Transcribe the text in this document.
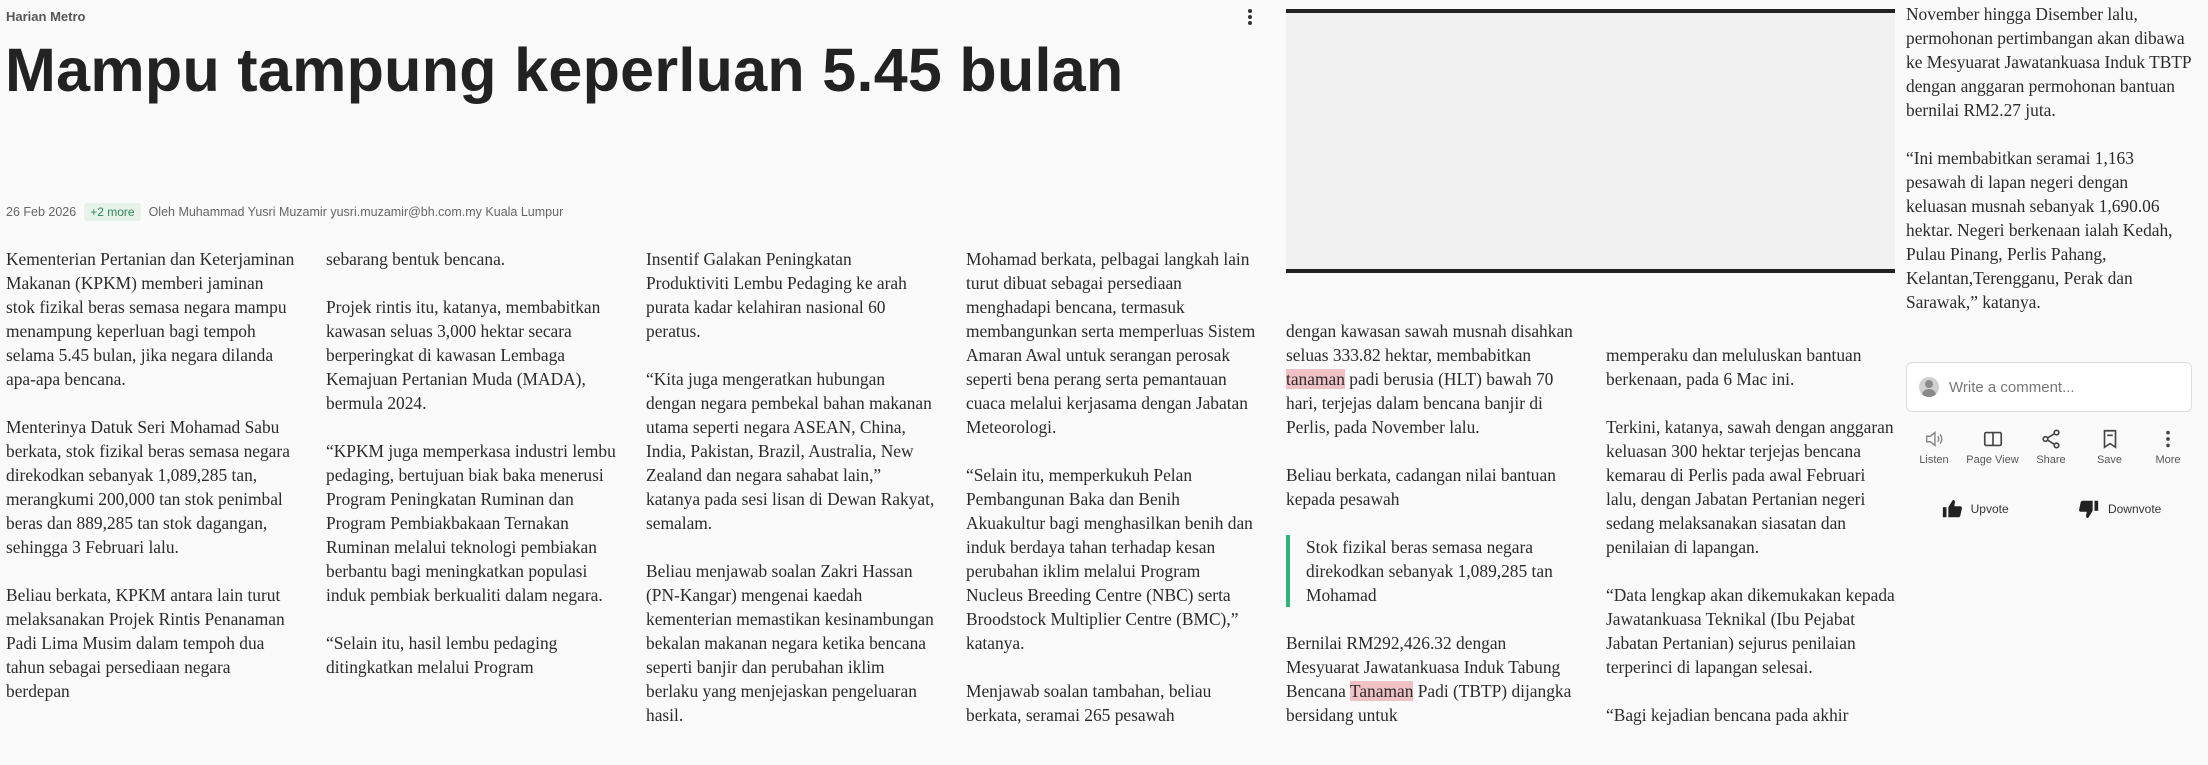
Harian Metro
Mampu tampung keperluan 5.45 bulan
26 Feb 2026	+2 more	Oleh Muhammad Yusri Muzamir yusri.muzamir@bh.com.my Kuala Lumpur

Kementerian Pertanian dan Keterjaminan Makanan (KPKM) memberi jaminan stok fizikal beras semasa negara mampu menampung keperluan bagi tempoh selama 5.45 bulan, jika negara dilanda apa-apa bencana.

Menterinya Datuk Seri Mohamad Sabu berkata, stok fizikal beras semasa negara direkodkan sebanyak 1,089,285 tan, merangkumi 200,000 tan stok penimbal beras dan 889,285 tan stok dagangan, sehingga 3 Februari lalu.

Beliau berkata, KPKM antara lain turut melaksanakan Projek Rintis Penanaman Padi Lima Musim dalam tempoh dua tahun sebagai persediaan negara berdepan

sebarang bentuk bencana.

Projek rintis itu, katanya, membabitkan kawasan seluas 3,000 hektar secara berperingkat di kawasan Lembaga Kemajuan Pertanian Muda (MADA), bermula 2024.

“KPKM juga memperkasa industri lembu pedaging, bertujuan biak baka menerusi Program Peningkatan Ruminan dan Program Pembiakbakaan Ternakan Ruminan melalui teknologi pembiakan berbantu bagi meningkatkan populasi induk pembiak berkualiti dalam negara.

“Selain itu, hasil lembu pedaging ditingkatkan melalui Program

Insentif Galakan Peningkatan Produktiviti Lembu Pedaging ke arah purata kadar kelahiran nasional 60 peratus.

“Kita juga mengeratkan hubungan dengan negara pembekal bahan makanan utama seperti negara ASEAN, China, India, Pakistan, Brazil, Australia, New Zealand dan negara sahabat lain,” katanya pada sesi lisan di Dewan Rakyat, semalam.

Beliau menjawab soalan Zakri Hassan (PN-Kangar) mengenai kaedah kementerian memastikan kesinambungan bekalan makanan negara ketika bencana seperti banjir dan perubahan iklim berlaku yang menjejaskan pengeluaran hasil.

Mohamad berkata, pelbagai langkah lain turut dibuat sebagai persediaan menghadapi bencana, termasuk membangunkan serta memperluas Sistem Amaran Awal untuk serangan perosak seperti bena perang serta pemantauan cuaca melalui kerjasama dengan Jabatan Meteorologi.

“Selain itu, memperkukuh Pelan Pembangunan Baka dan Benih Akuakultur bagi menghasilkan benih dan induk berdaya tahan terhadap kesan perubahan iklim melalui Program Nucleus Breeding Centre (NBC) serta Broodstock Multiplier Centre (BMC),” katanya.

Menjawab soalan tambahan, beliau berkata, seramai 265 pesawah

dengan kawasan sawah musnah disahkan seluas 333.82 hektar, membabitkan tanaman padi berusia (HLT) bawah 70 hari, terjejas dalam bencana banjir di Perlis, pada November lalu.

Beliau berkata, cadangan nilai bantuan kepada pesawah

Stok fizikal beras semasa negara direkodkan sebanyak 1,089,285 tan Mohamad

Bernilai RM292,426.32 dengan Mesyuarat Jawatankuasa Induk Tabung Bencana Tanaman Padi (TBTP) dijangka bersidang untuk

memperaku dan meluluskan bantuan berkenaan, pada 6 Mac ini.

Terkini, katanya, sawah dengan anggaran keluasan 300 hektar terjejas bencana kemarau di Perlis pada awal Februari lalu, dengan Jabatan Pertanian negeri sedang melaksanakan siasatan dan penilaian di lapangan.

“Data lengkap akan dikemukakan kepada Jawatankuasa Teknikal (Ibu Pejabat Jabatan Pertanian) sejurus penilaian terperinci di lapangan selesai.

“Bagi kejadian bencana pada akhir

November hingga Disember lalu, permohonan pertimbangan akan dibawa ke Mesyuarat Jawatankuasa Induk TBTP dengan anggaran permohonan bantuan bernilai RM2.27 juta.

“Ini membabitkan seramai 1,163 pesawah di lapan negeri dengan keluasan musnah sebanyak 1,690.06 hektar. Negeri berkenaan ialah Kedah, Pulau Pinang, Perlis Pahang, Kelantan,Terengganu, Perak dan Sarawak,” katanya.

Write a comment...
Listen Page View Share	Save	More
Upvote	Downvote
